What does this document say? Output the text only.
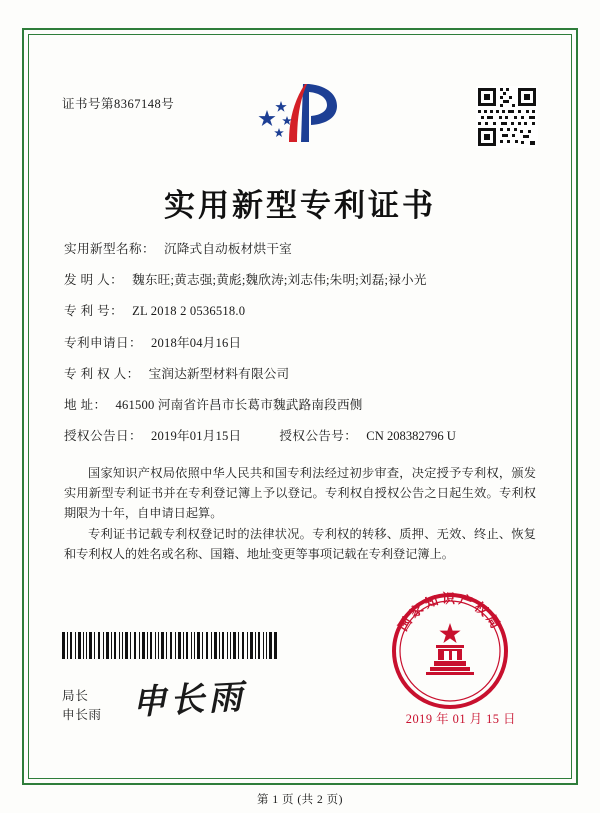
证书号第8367148号
实用新型专利证书
实用新型名称： 沉降式自动板材烘干室
发 明 人： 魏东旺;黄志强;黄彪;魏欣涛;刘志伟;朱明;刘磊;禄小光
专 利 号： ZL 2018 2 0536518.0
专利申请日： 2018年04月16日
专 利 权 人： 宝润达新型材料有限公司
地 址： 461500 河南省许昌市长葛市魏武路南段西侧
授权公告日： 2019年01月15日	授权公告号： CN 208382796 U

国家知识产权局依照中华人民共和国专利法经过初步审查，决定授予专利权，颁发实用新型专利证书并在专利登记簿上予以登记。专利权自授权公告之日起生效。专利权期限为十年，自申请日起算。

专利证书记载专利权登记时的法律状况。专利权的转移、质押、无效、终止、恢复和专利权人的姓名或名称、国籍、地址变更等事项记载在专利登记簿上。

局长
申长雨 申长雨
国家知识产权局
2019 年 01 月 15 日
第 1 页 (共 2 页)
